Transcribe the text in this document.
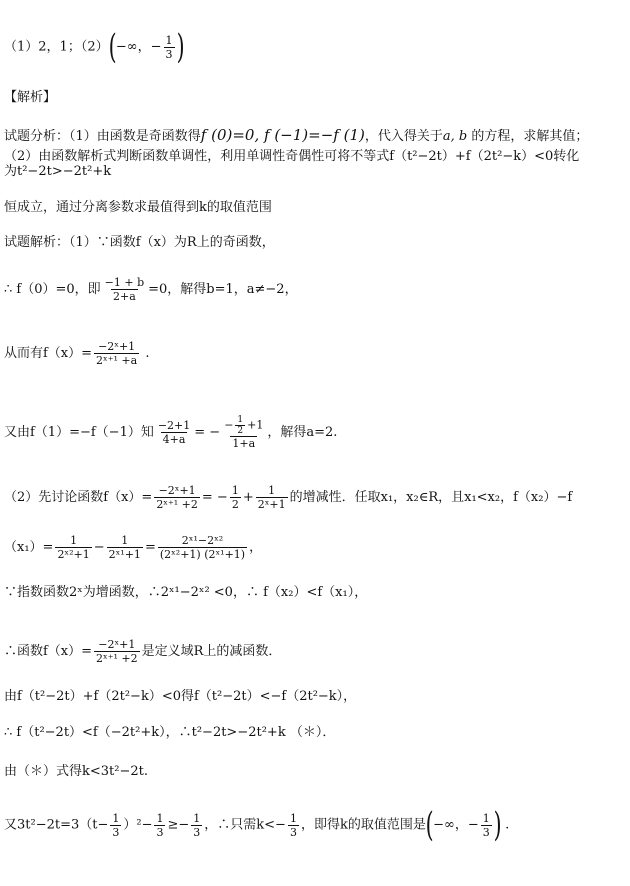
（1）2，1；（2）(−∞，− $\frac{1}{3}$ )
【解析】
试题分析：（1）由函数是奇函数得f (0)=0, f (−1)=−f (1)，代入得关于a, b 的方程，求解其值；
（2）由函数解析式判断函数单调性，利用单调性奇偶性可将不等式f（t²−2t）+f（2t²−k）<0转化
为t²−2t>−2t²+k
恒成立，通过分离参数求最值得到k的取值范围
试题解析：（1）∵函数f（x）为R上的奇函数，
∴ f（0）=0，即 $\frac{-1 + b}{2+a} =0$，解得b=1，a≠−2，
从而有$f(x)= \frac{\text{−2ˣ+1}}{\text{2ˣ⁺¹ +a}}$ .
又由f（1）=−f（−1）知 $\frac{-2+1}{4+a}$ = − $\frac{- \frac{1}{2} +1}{1+a}$ ，解得a=2.
（2）先讨论函数$f(x)= \frac{\text{−2ˣ+1}}{\text{2ˣ⁺¹ +2}}$ = − $\frac{1}{2} + \frac{1}{\text{2ˣ+1}}$ 的增减性．任取x₁，x₂∈R，且x₁<x₂，f（x₂）−f
$(x_1)= \frac{1}{\text{2ˣ²+1}} - \frac{1}{\text{2ˣ¹+1}} = \frac{\text{2ˣ¹−2ˣ²}}{\text{(2ˣ²+1) (2ˣ¹+1)}}$ ，
∵指数函数2ˣ为增函数，∴2ˣ¹−2ˣ² <0，∴ f（x₂）<f（x₁），
∴函数$f(x)= \frac{\text{−2ˣ+1}}{\text{2ˣ⁺¹ +2}}$ 是定义域R上的减函数．
由f（t²−2t）+f（2t²−k）<0得f（t²−2t）<−f（2t²−k），
∴ f（t²−2t）<f（−2t²+k），∴t²−2t>−2t²+k （＊）．
由（＊）式得k<3t²−2t.
又$3t^2-2t=3(t- \frac{1}{3} )^2- \frac{1}{3} \ge- \frac{1}{3}$ ，∴只需$k<- \frac{1}{3}$ ，即得k的取值范围是(−∞，− $\frac{1}{3}$ ) .
